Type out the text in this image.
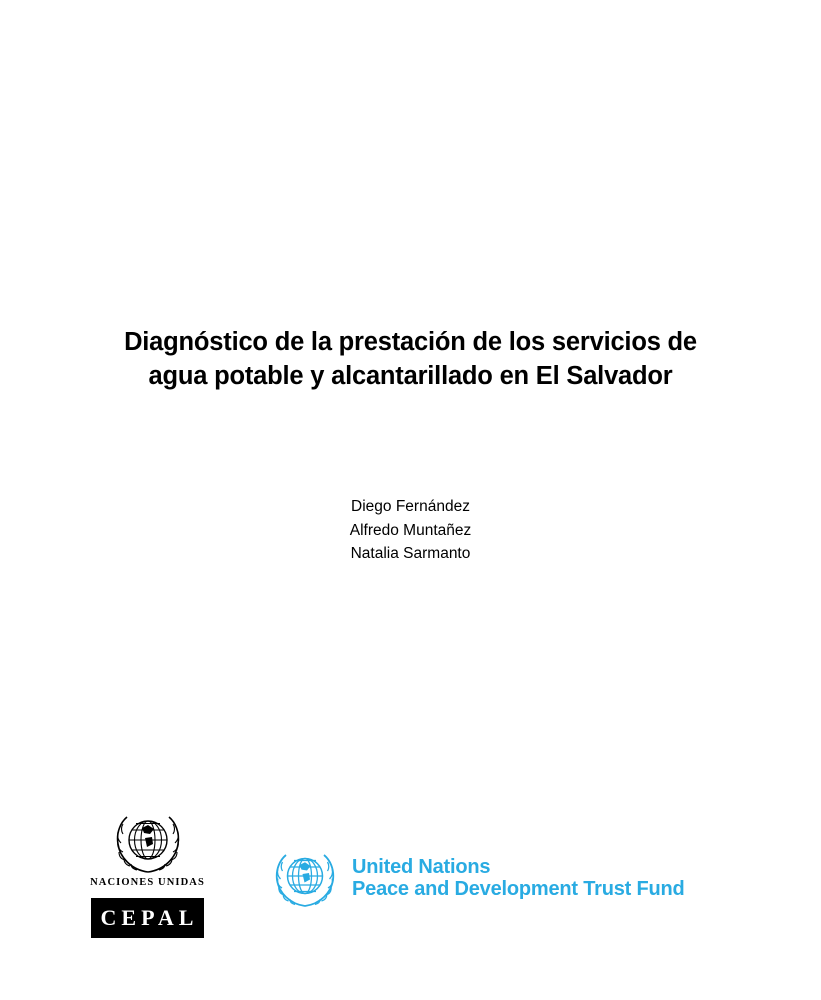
Diagnóstico de la prestación de los servicios de
agua potable y alcantarillado en El Salvador
Diego Fernández
Alfredo Muntañez
Natalia Sarmanto
NACIONES UNIDAS
CEPAL
United Nations
Peace and Development Trust Fund
